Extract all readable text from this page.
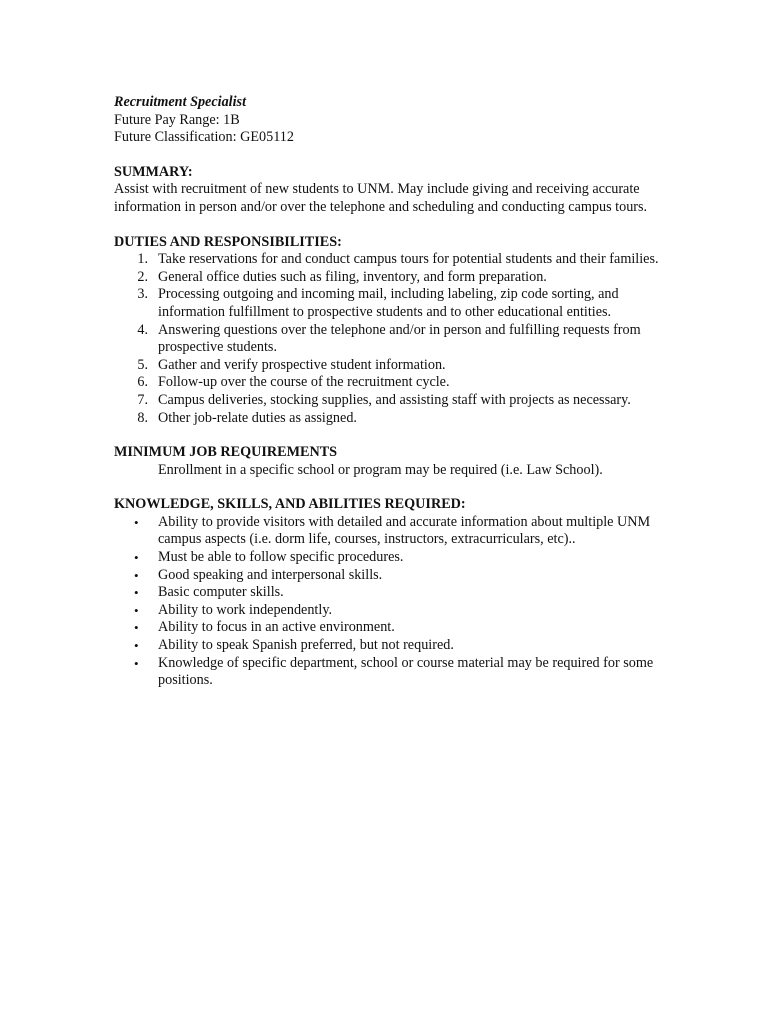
Recruitment Specialist

Future Pay Range: 1B

Future Classification: GE05112

SUMMARY:

Assist with recruitment of new students to UNM. May include giving and receiving accurate information in person and/or over the telephone and scheduling and conducting campus tours.

DUTIES AND RESPONSIBILITIES:

1. Take reservations for and conduct campus tours for potential students and their families.
2. General office duties such as filing, inventory, and form preparation.
3. Processing outgoing and incoming mail, including labeling, zip code sorting, and information fulfillment to prospective students and to other educational entities.
4. Answering questions over the telephone and/or in person and fulfilling requests from prospective students.
5. Gather and verify prospective student information.
6. Follow-up over the course of the recruitment cycle.
7. Campus deliveries, stocking supplies, and assisting staff with projects as necessary.
8. Other job-relate duties as assigned.

MINIMUM JOB REQUIREMENTS

Enrollment in a specific school or program may be required (i.e. Law School).

KNOWLEDGE, SKILLS, AND ABILITIES REQUIRED:

• Ability to provide visitors with detailed and accurate information about multiple UNM campus aspects (i.e. dorm life, courses, instructors, extracurriculars, etc)..
• Must be able to follow specific procedures.
• Good speaking and interpersonal skills.
• Basic computer skills.
• Ability to work independently.
• Ability to focus in an active environment.
• Ability to speak Spanish preferred, but not required.
• Knowledge of specific department, school or course material may be required for some positions.
